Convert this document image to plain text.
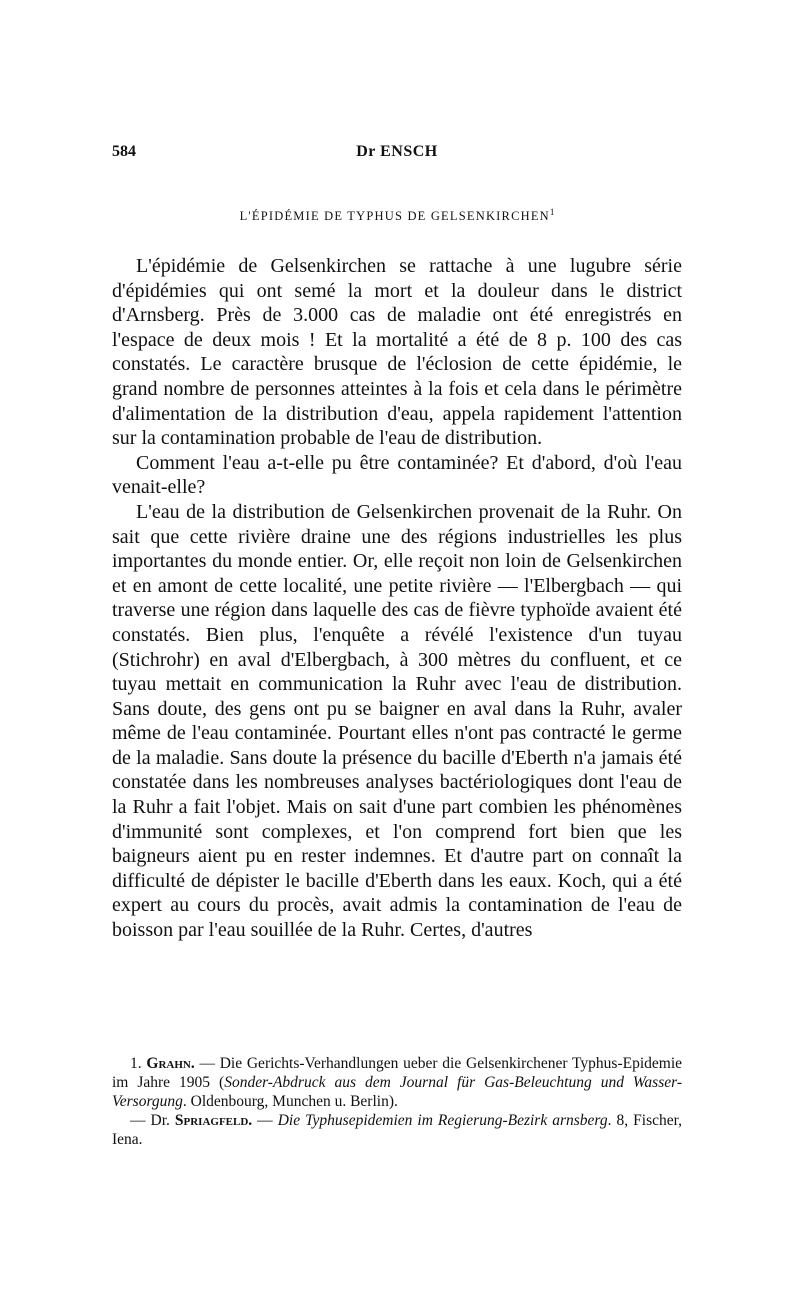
584	Dr ENSCH
L'ÉPIDÉMIE DE TYPHUS DE GELSENKIRCHEN$^1$

L'épidémie de Gelsenkirchen se rattache à une lugubre série d'épidémies qui ont semé la mort et la douleur dans le district d'Arnsberg. Près de 3.000 cas de maladie ont été enregistrés en l'espace de deux mois ! Et la mortalité a été de 8 p. 100 des cas constatés. Le caractère brusque de l'éclosion de cette épidémie, le grand nombre de personnes atteintes à la fois et cela dans le périmètre d'alimentation de la distribution d'eau, appela rapidement l'attention sur la contamination probable de l'eau de distribution.

Comment l'eau a-t-elle pu être contaminée? Et d'abord, d'où l'eau venait-elle?

L'eau de la distribution de Gelsenkirchen provenait de la Ruhr. On sait que cette rivière draine une des régions industrielles les plus importantes du monde entier. Or, elle reçoit non loin de Gelsenkirchen et en amont de cette localité, une petite rivière — l'Elbergbach — qui traverse une région dans laquelle des cas de fièvre typhoïde avaient été constatés. Bien plus, l'enquête a révélé l'existence d'un tuyau (Stichrohr) en aval d'Elbergbach, à 300 mètres du confluent, et ce tuyau mettait en communication la Ruhr avec l'eau de distribution. Sans doute, des gens ont pu se baigner en aval dans la Ruhr, avaler même de l'eau contaminée. Pourtant elles n'ont pas contracté le germe de la maladie. Sans doute la présence du bacille d'Eberth n'a jamais été constatée dans les nombreuses analyses bactériologiques dont l'eau de la Ruhr a fait l'objet. Mais on sait d'une part combien les phénomènes d'immunité sont complexes, et l'on comprend fort bien que les baigneurs aient pu en rester indemnes. Et d'autre part on connaît la difficulté de dépister le bacille d'Eberth dans les eaux. Koch, qui a été expert au cours du procès, avait admis la contamination de l'eau de boisson par l'eau souillée de la Ruhr. Certes, d'autres

1. Grahn. — Die Gerichts-Verhandlungen ueber die Gelsenkirchener Typhus-Epidemie im Jahre 1905 (Sonder-Abdruck aus dem Journal für Gas-Beleuchtung und Wasser-Versorgung. Oldenbourg, Munchen u. Berlin).

— Dr. Spriagfeld. — Die Typhusepidemien im Regierung-Bezirk arnsberg. 8, Fischer, Iena.
